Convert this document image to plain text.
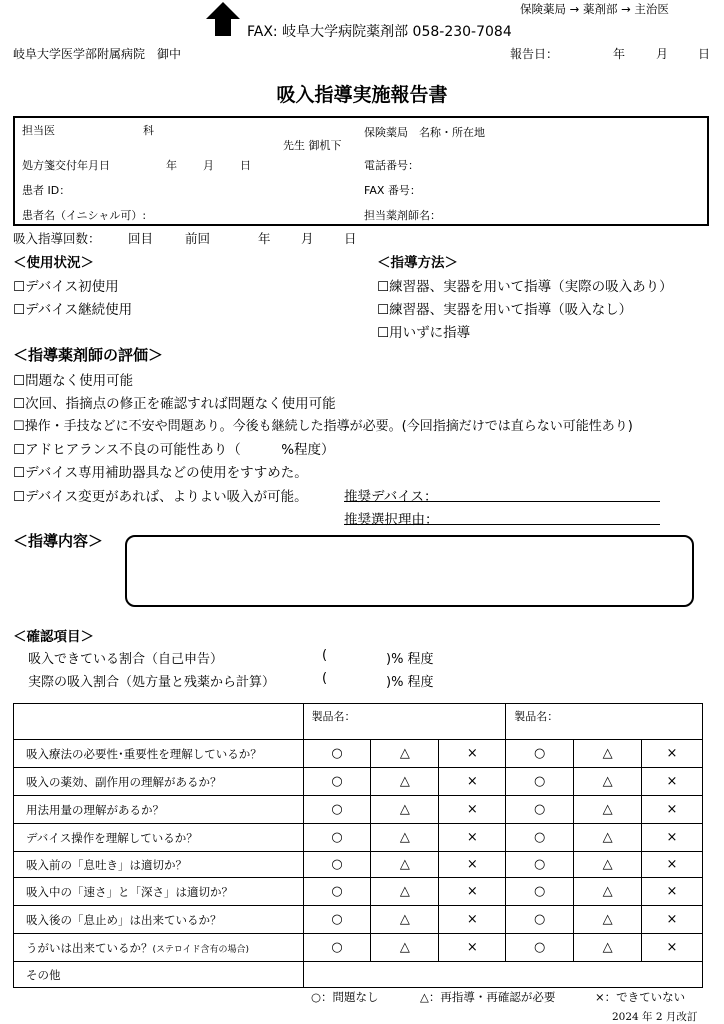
保険薬局 → 薬剤部 → 主治医
FAX: 岐阜大学病院薬剤部 058-230-7084
岐阜大学医学部附属病院　御中	報告日：	年	月 日
吸入指導実施報告書
担当医	科
先生 御机下
処方箋交付年月日	年 月 日
患者 ID：
患者名（イニシャル可）:
保険薬局　名称・所在地
電話番号：
FAX 番号：
担当薬剤師名：
吸入指導回数： 回目	前回	年 月 日
＜使用状況＞
☐デバイス初使用
☐デバイス継続使用
＜指導方法＞
☐練習器、実器を用いて指導（実際の吸入あり）
☐練習器、実器を用いて指導（吸入なし）
☐用いずに指導
＜指導薬剤師の評価＞
☐問題なく使用可能
☐次回、指摘点の修正を確認すれば問題なく使用可能
☐操作・手技などに不安や問題あり。今後も継続した指導が必要。(今回指摘だけでは直らない可能性あり)
☐アドヒアランス不良の可能性あり（　　　%程度）
☐デバイス専用補助器具などの使用をすすめた。
☐デバイス変更があれば、よりよい吸入が可能。	推奨デバイス：
推奨選択理由：
＜指導内容＞
＜確認項目＞
吸入できている割合（自己申告）	(	)% 程度
実際の吸入割合（処方量と残薬から計算）	(	)% 程度
	製品名：			製品名：		
吸入療法の必要性･重要性を理解しているか？	○	△	×	○	△	×
吸入の薬効、副作用の理解があるか？	○	△	×	○	△	×
用法用量の理解があるか？	○	△	×	○	△	×
デバイス操作を理解しているか？	○	△	×	○	△	×
吸入前の「息吐き」は適切か？	○	△	×	○	△	×
吸入中の「速さ」と「深さ」は適切か？	○	△	×	○	△	×
吸入後の「息止め」は出来ているか？	○	△	×	○	△	×
うがいは出来ているか？(ステロイド含有の場合)	○	△	×	○	△	×
その他						
○：問題なし	△：再指導・再確認が必要	×：できていない
2024 年 2 月改訂
